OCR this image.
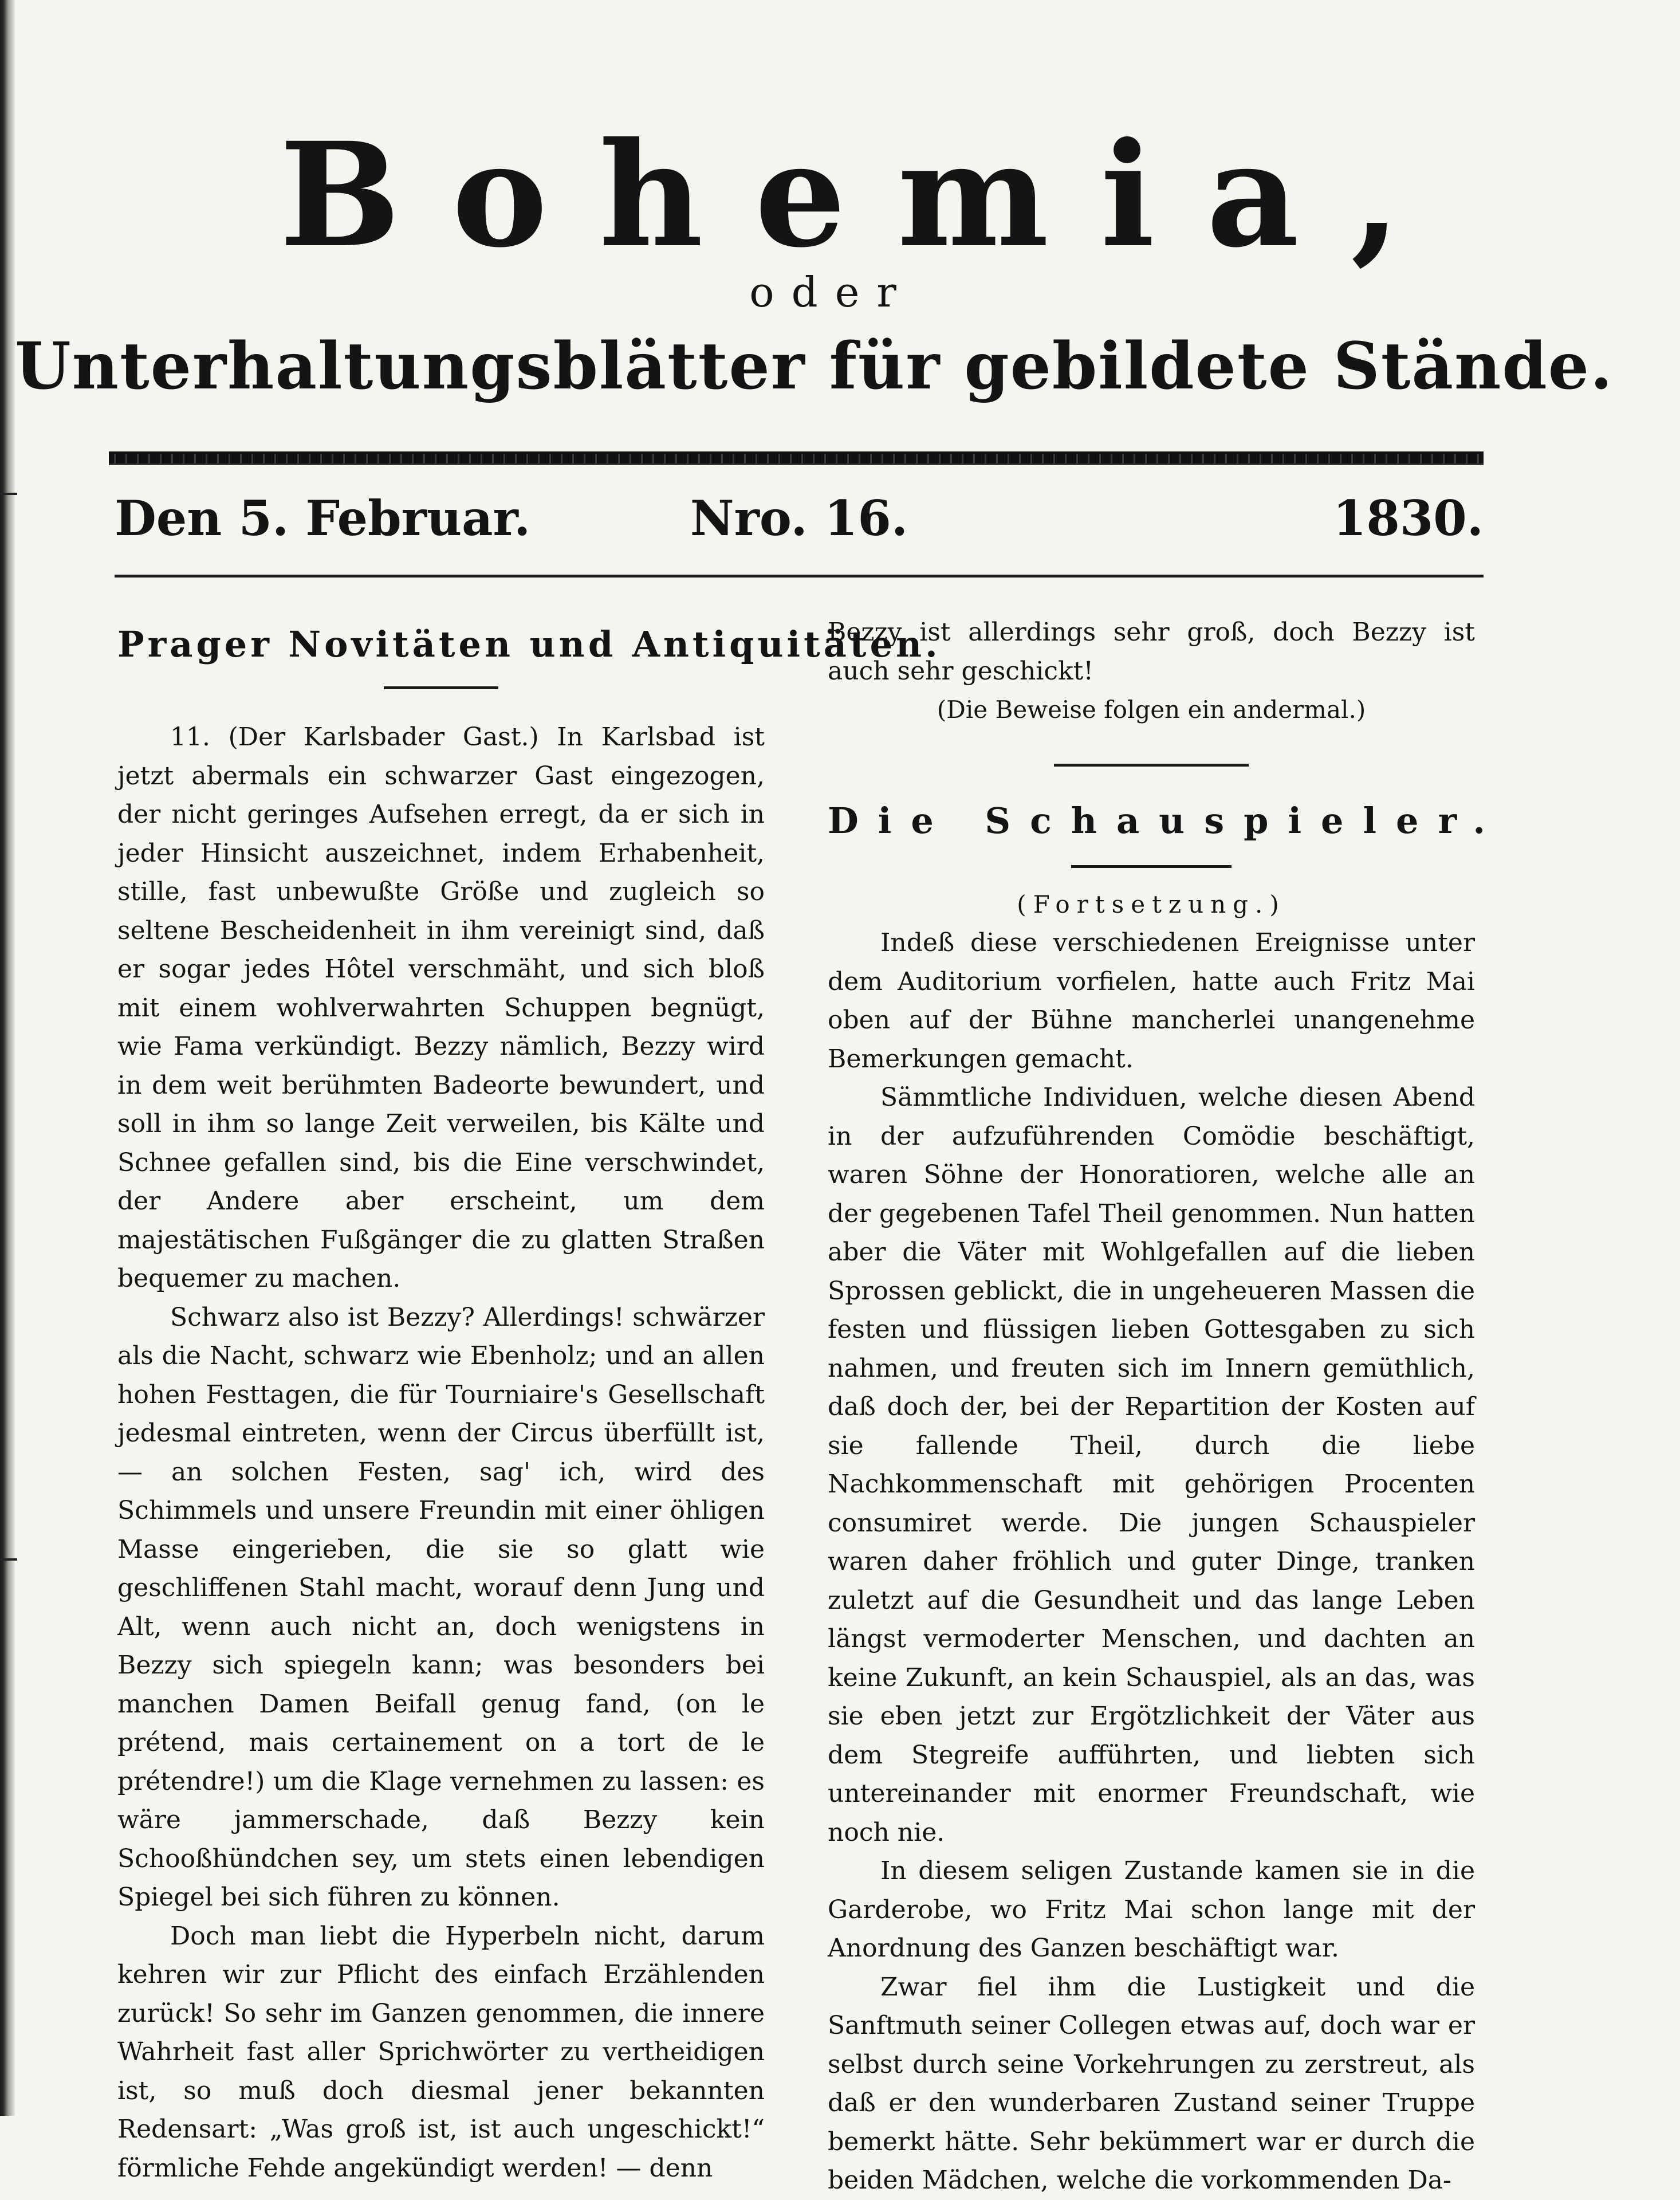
Bohemia,
oder
Unterhaltungsblätter für gebildete Stände.
Nro. 16.
Den 5. Februar.	1830.
Prager Novitäten und Antiquitäten.

11. (Der Karlsbader Gast.) In Karlsbad ist jetzt abermals ein schwarzer Gast eingezogen, der nicht geringes Aufsehen erregt, da er sich in jeder Hinsicht auszeichnet, indem Erhabenheit, stille, fast unbewußte Größe und zugleich so seltene Bescheidenheit in ihm vereinigt sind, daß er sogar jedes Hôtel verschmäht, und sich bloß mit einem wohlverwahrten Schuppen begnügt, wie Fama verkündigt. Bezzy nämlich, Bezzy wird in dem weit berühmten Badeorte bewundert, und soll in ihm so lange Zeit verweilen, bis Kälte und Schnee gefallen sind, bis die Eine verschwindet, der Andere aber erscheint, um dem majestätischen Fußgänger die zu glatten Straßen bequemer zu machen.

Schwarz also ist Bezzy? Allerdings! schwärzer als die Nacht, schwarz wie Ebenholz; und an allen hohen Festtagen, die für Tourniaire's Gesellschaft jedesmal eintreten, wenn der Circus überfüllt ist, — an solchen Festen, sag' ich, wird des Schimmels und unsere Freundin mit einer öhligen Masse eingerieben, die sie so glatt wie geschliffenen Stahl macht, worauf denn Jung und Alt, wenn auch nicht an, doch wenigstens in Bezzy sich spiegeln kann; was besonders bei manchen Damen Beifall genug fand, (on le prétend, mais certainement on a tort de le prétendre!) um die Klage vernehmen zu lassen: es wäre jammerschade, daß Bezzy kein Schooßhündchen sey, um stets einen lebendigen Spiegel bei sich führen zu können.

Doch man liebt die Hyperbeln nicht, darum kehren wir zur Pflicht des einfach Erzählenden zurück! So sehr im Ganzen genommen, die innere Wahrheit fast aller Sprichwörter zu vertheidigen ist, so muß doch diesmal jener bekannten Redensart: „Was groß ist, ist auch ungeschickt!“ förmliche Fehde angekündigt werden! — denn

Bezzy ist allerdings sehr groß, doch Bezzy ist auch sehr geschickt!

(Die Beweise folgen ein andermal.)

Die Schauspieler.

(Fortsetzung.)

Indeß diese verschiedenen Ereignisse unter dem Auditorium vorfielen, hatte auch Fritz Mai oben auf der Bühne mancherlei unangenehme Bemerkungen gemacht.

Sämmtliche Individuen, welche diesen Abend in der aufzuführenden Comödie beschäftigt, waren Söhne der Honoratioren, welche alle an der gegebenen Tafel Theil genommen. Nun hatten aber die Väter mit Wohlgefallen auf die lieben Sprossen geblickt, die in ungeheueren Massen die festen und flüssigen lieben Gottesgaben zu sich nahmen, und freuten sich im Innern gemüthlich, daß doch der, bei der Repartition der Kosten auf sie fallende Theil, durch die liebe Nachkommenschaft mit gehörigen Procenten consumiret werde. Die jungen Schauspieler waren daher fröhlich und guter Dinge, tranken zuletzt auf die Gesundheit und das lange Leben längst vermoderter Menschen, und dachten an keine Zukunft, an kein Schauspiel, als an das, was sie eben jetzt zur Ergötzlichkeit der Väter aus dem Stegreife aufführten, und liebten sich untereinander mit enormer Freundschaft, wie noch nie.

In diesem seligen Zustande kamen sie in die Garderobe, wo Fritz Mai schon lange mit der Anordnung des Ganzen beschäftigt war.

Zwar fiel ihm die Lustigkeit und die Sanftmuth seiner Collegen etwas auf, doch war er selbst durch seine Vorkehrungen zu zerstreut, als daß er den wunderbaren Zustand seiner Truppe bemerkt hätte. Sehr bekümmert war er durch die beiden Mädchen, welche die vorkommenden Da-
